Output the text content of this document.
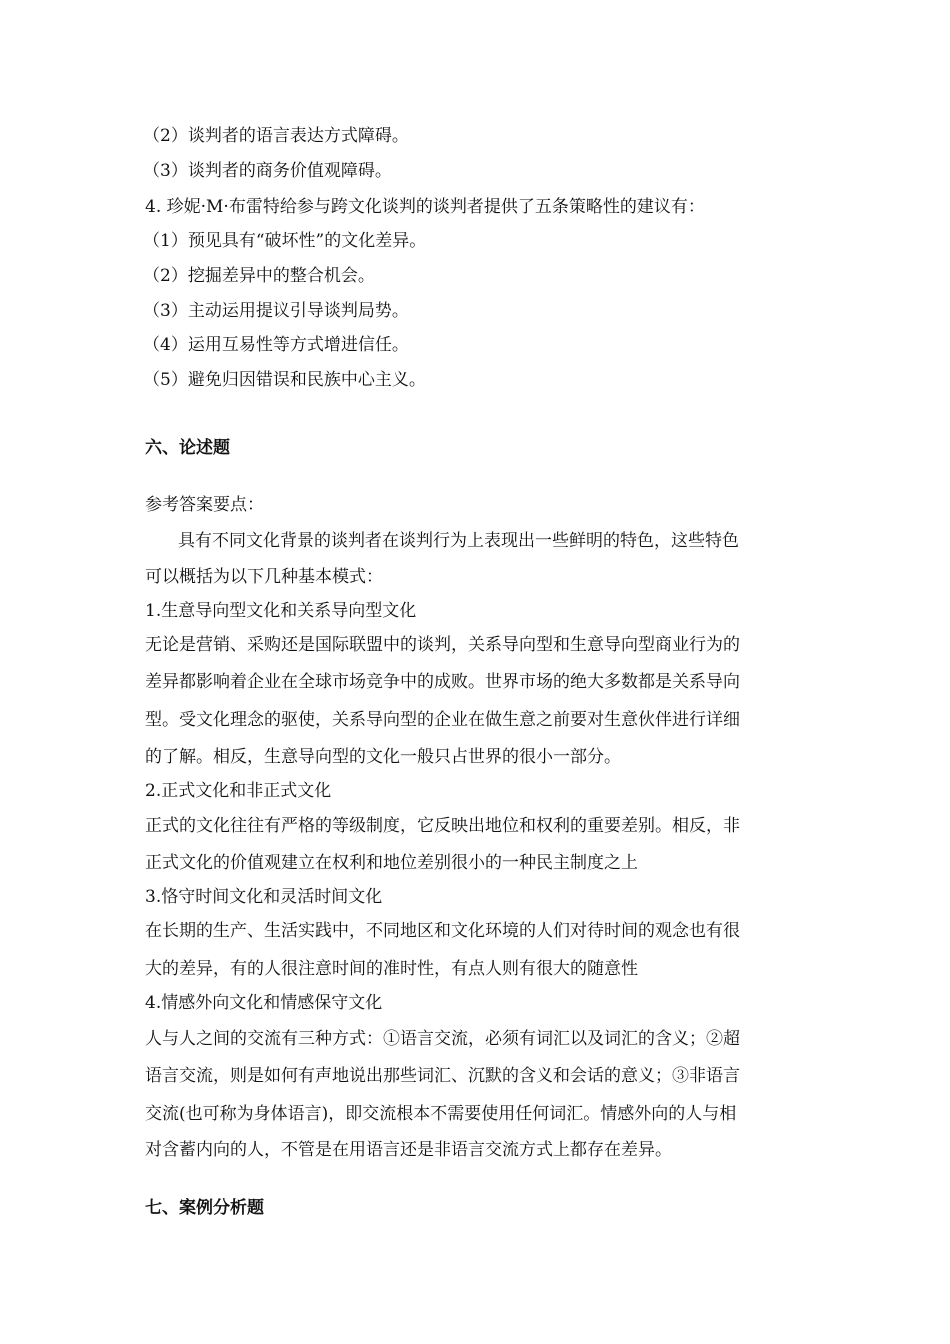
（2）谈判者的语言表达方式障碍。
（3）谈判者的商务价值观障碍。
4. 珍妮·M·布雷特给参与跨文化谈判的谈判者提供了五条策略性的建议有：
（1）预见具有“破坏性”的文化差异。
（2）挖掘差异中的整合机会。
（3）主动运用提议引导谈判局势。
（4）运用互易性等方式增进信任。
（5）避免归因错误和民族中心主义。
六、论述题
参考答案要点：
具有不同文化背景的谈判者在谈判行为上表现出一些鲜明的特色，这些特色
可以概括为以下几种基本模式：
1.生意导向型文化和关系导向型文化
无论是营销、采购还是国际联盟中的谈判，关系导向型和生意导向型商业行为的
差异都影响着企业在全球市场竞争中的成败。世界市场的绝大多数都是关系导向
型。受文化理念的驱使，关系导向型的企业在做生意之前要对生意伙伴进行详细
的了解。相反，生意导向型的文化一般只占世界的很小一部分。
2.正式文化和非正式文化
正式的文化往往有严格的等级制度，它反映出地位和权利的重要差别。相反，非
正式文化的价值观建立在权利和地位差别很小的一种民主制度之上
3.恪守时间文化和灵活时间文化
在长期的生产、生活实践中，不同地区和文化环境的人们对待时间的观念也有很
大的差异，有的人很注意时间的准时性，有点人则有很大的随意性
4.情感外向文化和情感保守文化
人与人之间的交流有三种方式：①语言交流，必须有词汇以及词汇的含义；②超
语言交流，则是如何有声地说出那些词汇、沉默的含义和会话的意义；③非语言
交流(也可称为身体语言)，即交流根本不需要使用任何词汇。情感外向的人与相
对含蓄内向的人，不管是在用语言还是非语言交流方式上都存在差异。
七、案例分析题
